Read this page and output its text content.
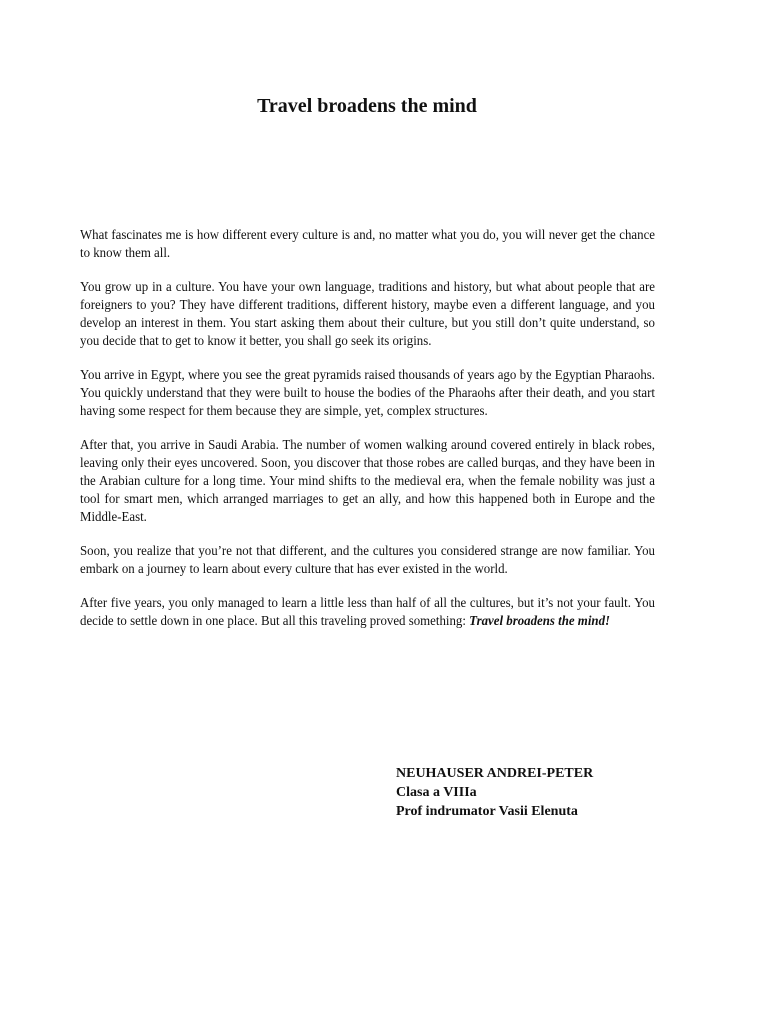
Travel broadens the mind

What fascinates me is how different every culture is and, no matter what you do, you will never get the chance to know them all.

You grow up in a culture. You have your own language, traditions and history, but what about people that are foreigners to you? They have different traditions, different history, maybe even a different language, and you develop an interest in them. You start asking them about their culture, but you still don’t quite understand, so you decide that to get to know it better, you shall go seek its origins.

You arrive in Egypt, where you see the great pyramids raised thousands of years ago by the Egyptian Pharaohs. You quickly understand that they were built to house the bodies of the Pharaohs after their death, and you start having some respect for them because they are simple, yet, complex structures.

After that, you arrive in Saudi Arabia. The number of women walking around covered entirely in black robes, leaving only their eyes uncovered. Soon, you discover that those robes are called burqas, and they have been in the Arabian culture for a long time. Your mind shifts to the medieval era, when the female nobility was just a tool for smart men, which arranged marriages to get an ally, and how this happened both in Europe and the Middle-East.

Soon, you realize that you’re not that different, and the cultures you considered strange are now familiar. You embark on a journey to learn about every culture that has ever existed in the world.

After five years, you only managed to learn a little less than half of all the cultures, but it’s not your fault. You decide to settle down in one place. But all this traveling proved something: Travel broadens the mind!

NEUHAUSER ANDREI-PETER
Clasa a VIIIa
Prof indrumator Vasii Elenuta
